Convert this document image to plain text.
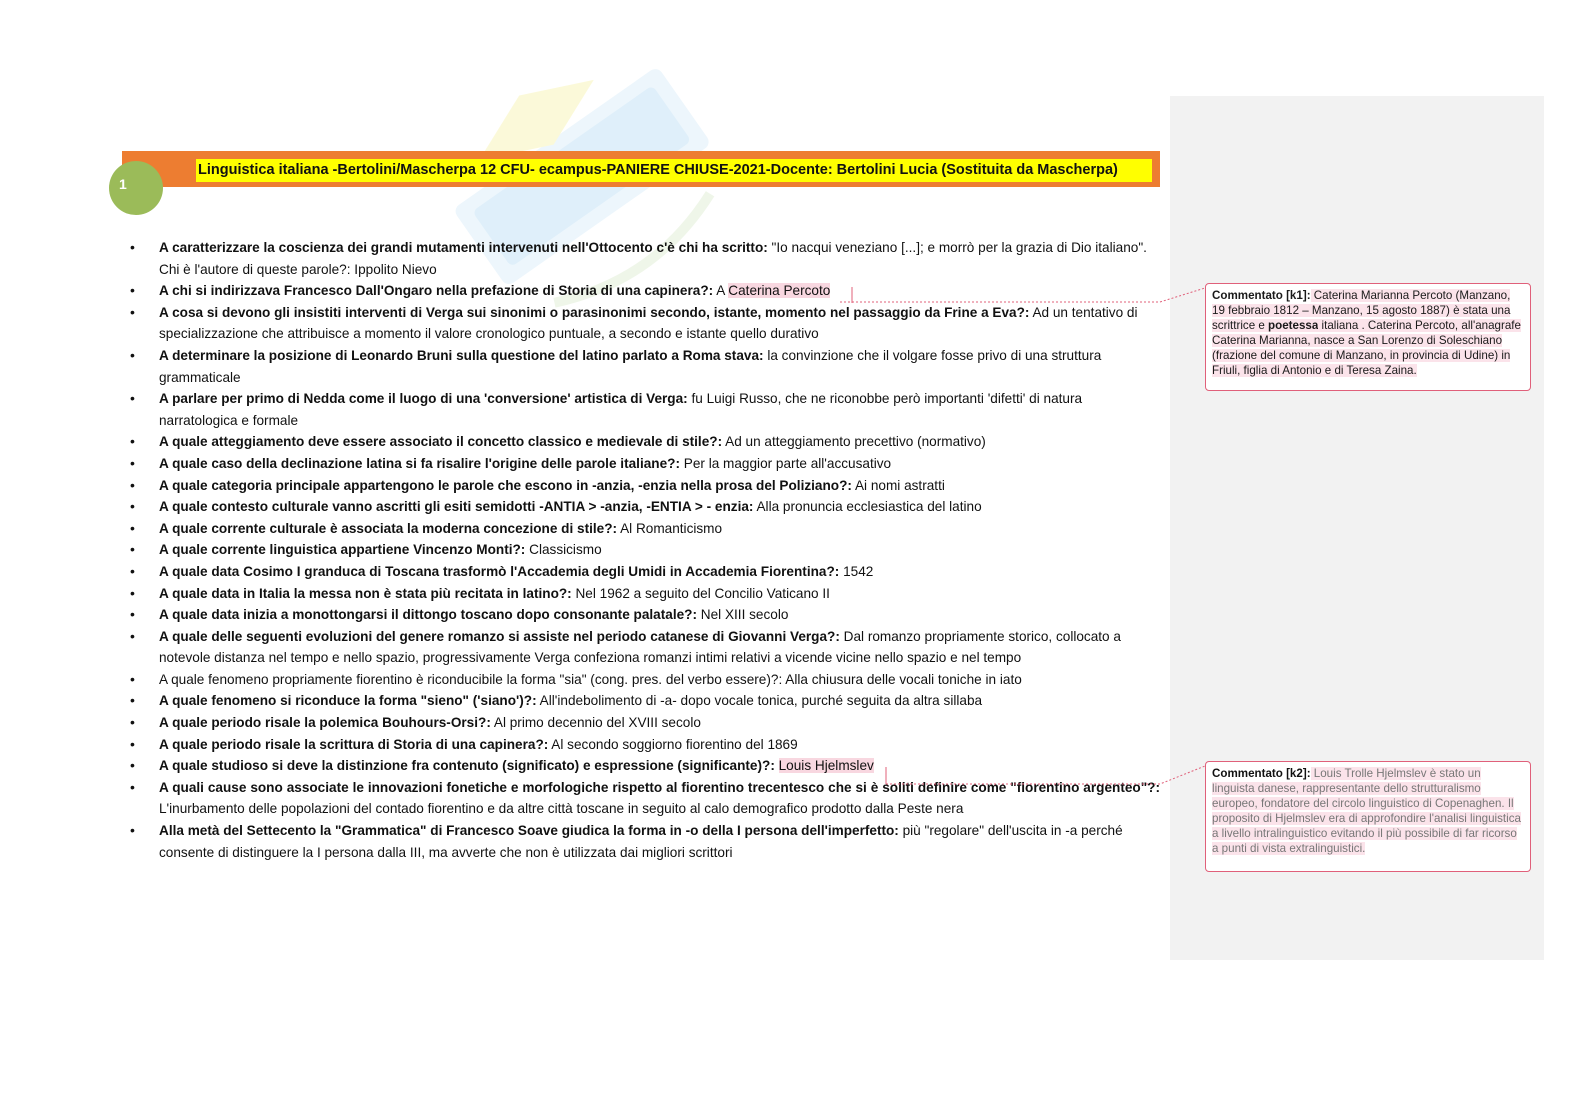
Linguistica italiana -Bertolini/Mascherpa 12 CFU- ecampus-PANIERE CHIUSE-2021-Docente: Bertolini Lucia (Sostituita da Mascherpa)
1
• A caratterizzare la coscienza dei grandi mutamenti intervenuti nell'Ottocento c'è chi ha scritto: "Io nacqui veneziano [...]; e morrò per la grazia di Dio italiano". Chi è l'autore di queste parole?: Ippolito Nievo
• A chi si indirizzava Francesco Dall'Ongaro nella prefazione di Storia di una capinera?: A Caterina Percoto
• A cosa si devono gli insistiti interventi di Verga sui sinonimi o parasinonimi secondo, istante, momento nel passaggio da Frine a Eva?: Ad un tentativo di specializzazione che attribuisce a momento il valore cronologico puntuale, a secondo e istante quello durativo
• A determinare la posizione di Leonardo Bruni sulla questione del latino parlato a Roma stava: la convinzione che il volgare fosse privo di una struttura grammaticale
• A parlare per primo di Nedda come il luogo di una 'conversione' artistica di Verga: fu Luigi Russo, che ne riconobbe però importanti 'difetti' di natura narratologica e formale
• A quale atteggiamento deve essere associato il concetto classico e medievale di stile?: Ad un atteggiamento precettivo (normativo)
• A quale caso della declinazione latina si fa risalire l'origine delle parole italiane?: Per la maggior parte all'accusativo
• A quale categoria principale appartengono le parole che escono in -anzia, -enzia nella prosa del Poliziano?: Ai nomi astratti
• A quale contesto culturale vanno ascritti gli esiti semidotti -ANTIA > -anzia, -ENTIA > - enzia: Alla pronuncia ecclesiastica del latino
• A quale corrente culturale è associata la moderna concezione di stile?: Al Romanticismo
• A quale corrente linguistica appartiene Vincenzo Monti?: Classicismo
• A quale data Cosimo I granduca di Toscana trasformò l'Accademia degli Umidi in Accademia Fiorentina?: 1542
• A quale data in Italia la messa non è stata più recitata in latino?: Nel 1962 a seguito del Concilio Vaticano II
• A quale data inizia a monottongarsi il dittongo toscano dopo consonante palatale?: Nel XIII secolo
• A quale delle seguenti evoluzioni del genere romanzo si assiste nel periodo catanese di Giovanni Verga?: Dal romanzo propriamente storico, collocato a notevole distanza nel tempo e nello spazio, progressivamente Verga confeziona romanzi intimi relativi a vicende vicine nello spazio e nel tempo
• A quale fenomeno propriamente fiorentino è riconducibile la forma "sia" (cong. pres. del verbo essere)?: Alla chiusura delle vocali toniche in iato
• A quale fenomeno si riconduce la forma "sieno" ('siano')?: All'indebolimento di -a- dopo vocale tonica, purché seguita da altra sillaba
• A quale periodo risale la polemica Bouhours-Orsi?: Al primo decennio del XVIII secolo
• A quale periodo risale la scrittura di Storia di una capinera?: Al secondo soggiorno fiorentino del 1869
• A quale studioso si deve la distinzione fra contenuto (significato) e espressione (significante)?: Louis Hjelmslev
• A quali cause sono associate le innovazioni fonetiche e morfologiche rispetto al fiorentino trecentesco che si è soliti definire come "fiorentino argenteo"?: L'inurbamento delle popolazioni del contado fiorentino e da altre città toscane in seguito al calo demografico prodotto dalla Peste nera
• Alla metà del Settecento la "Grammatica" di Francesco Soave giudica la forma in -o della I persona dell'imperfetto: più "regolare" dell'uscita in -a perché consente di distinguere la I persona dalla III, ma avverte che non è utilizzata dai migliori scrittori
Commentato [k1]: Caterina Marianna Percoto (Manzano, 19 febbraio 1812 – Manzano, 15 agosto 1887) è stata una scrittrice e poetessa italiana . Caterina Percoto, all'anagrafe Caterina Marianna, nasce a San Lorenzo di Soleschiano (frazione del comune di Manzano, in provincia di Udine) in Friuli, figlia di Antonio e di Teresa Zaina.
Commentato [k2]: Louis Trolle Hjelmslev è stato un linguista danese, rappresentante dello strutturalismo europeo, fondatore del circolo linguistico di Copenaghen. Il proposito di Hjelmslev era di approfondire l'analisi linguistica a livello intralinguistico evitando il più possibile di far ricorso a punti di vista extralinguistici.
